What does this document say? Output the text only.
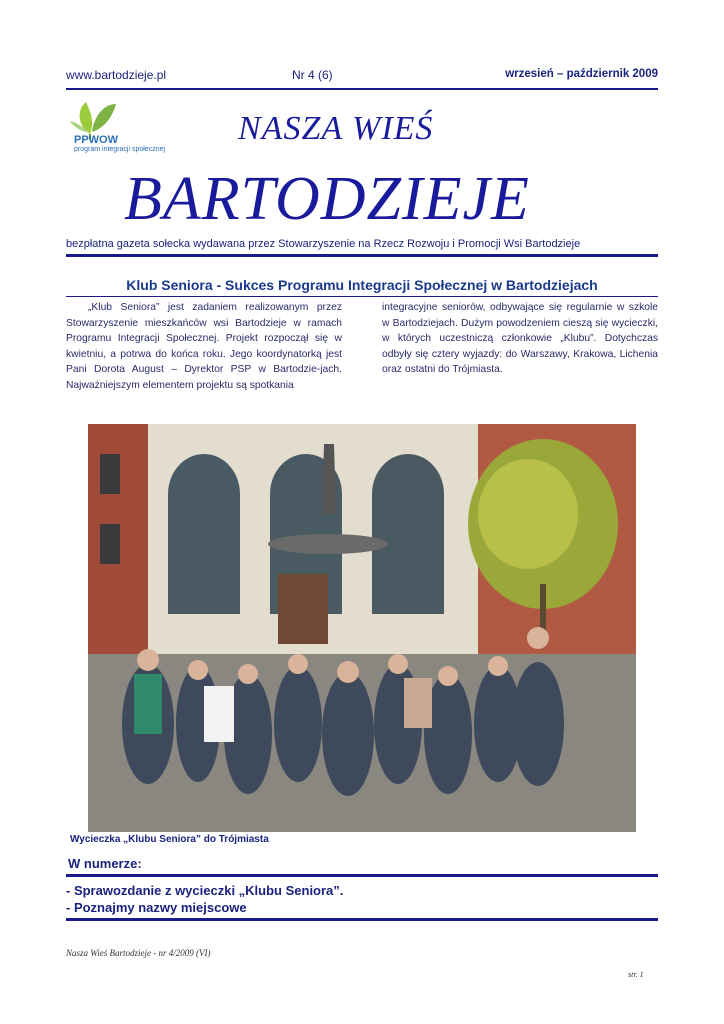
www.bartodzieje.pl	Nr 4 (6)	wrzesień – październik 2009
PPWOW
program integracji społecznej
NASZA WIEŚ
BARTODZIEJE
bezpłatna gazeta sołecka wydawana przez Stowarzyszenie na Rzecz Rozwoju i Promocji Wsi Bartodzieje
Klub Seniora - Sukces Programu Integracji Społecznej w Bartodziejach
„Klub Seniora” jest zadaniem realizowanym przez Stowarzyszenie mieszkańców wsi Bartodzieje w ramach Programu Integracji Społecznej. Projekt rozpoczął się w kwietniu, a potrwa do końca roku. Jego koordynatorką jest Pani Dorota August – Dyrektor PSP w Bartodzie-jach. Najważniejszym elementem projektu są spotkania
integracyjne seniorów, odbywające się regularnie w szkole w Bartodziejach. Dużym powodzeniem cieszą się wycieczki, w których uczestniczą członkowie „Klubu”. Dotychczas odbyły się cztery wyjazdy: do Warszawy, Krakowa, Lichenia oraz ostatni do Trójmiasta.
Wycieczka „Klubu Seniora” do Trójmiasta
W numerze:
- Sprawozdanie z wycieczki „Klubu Seniora”.
- Poznajmy nazwy miejscowe
Nasza Wieś Bartodzieje - nr 4/2009 (VI)
str. 1
